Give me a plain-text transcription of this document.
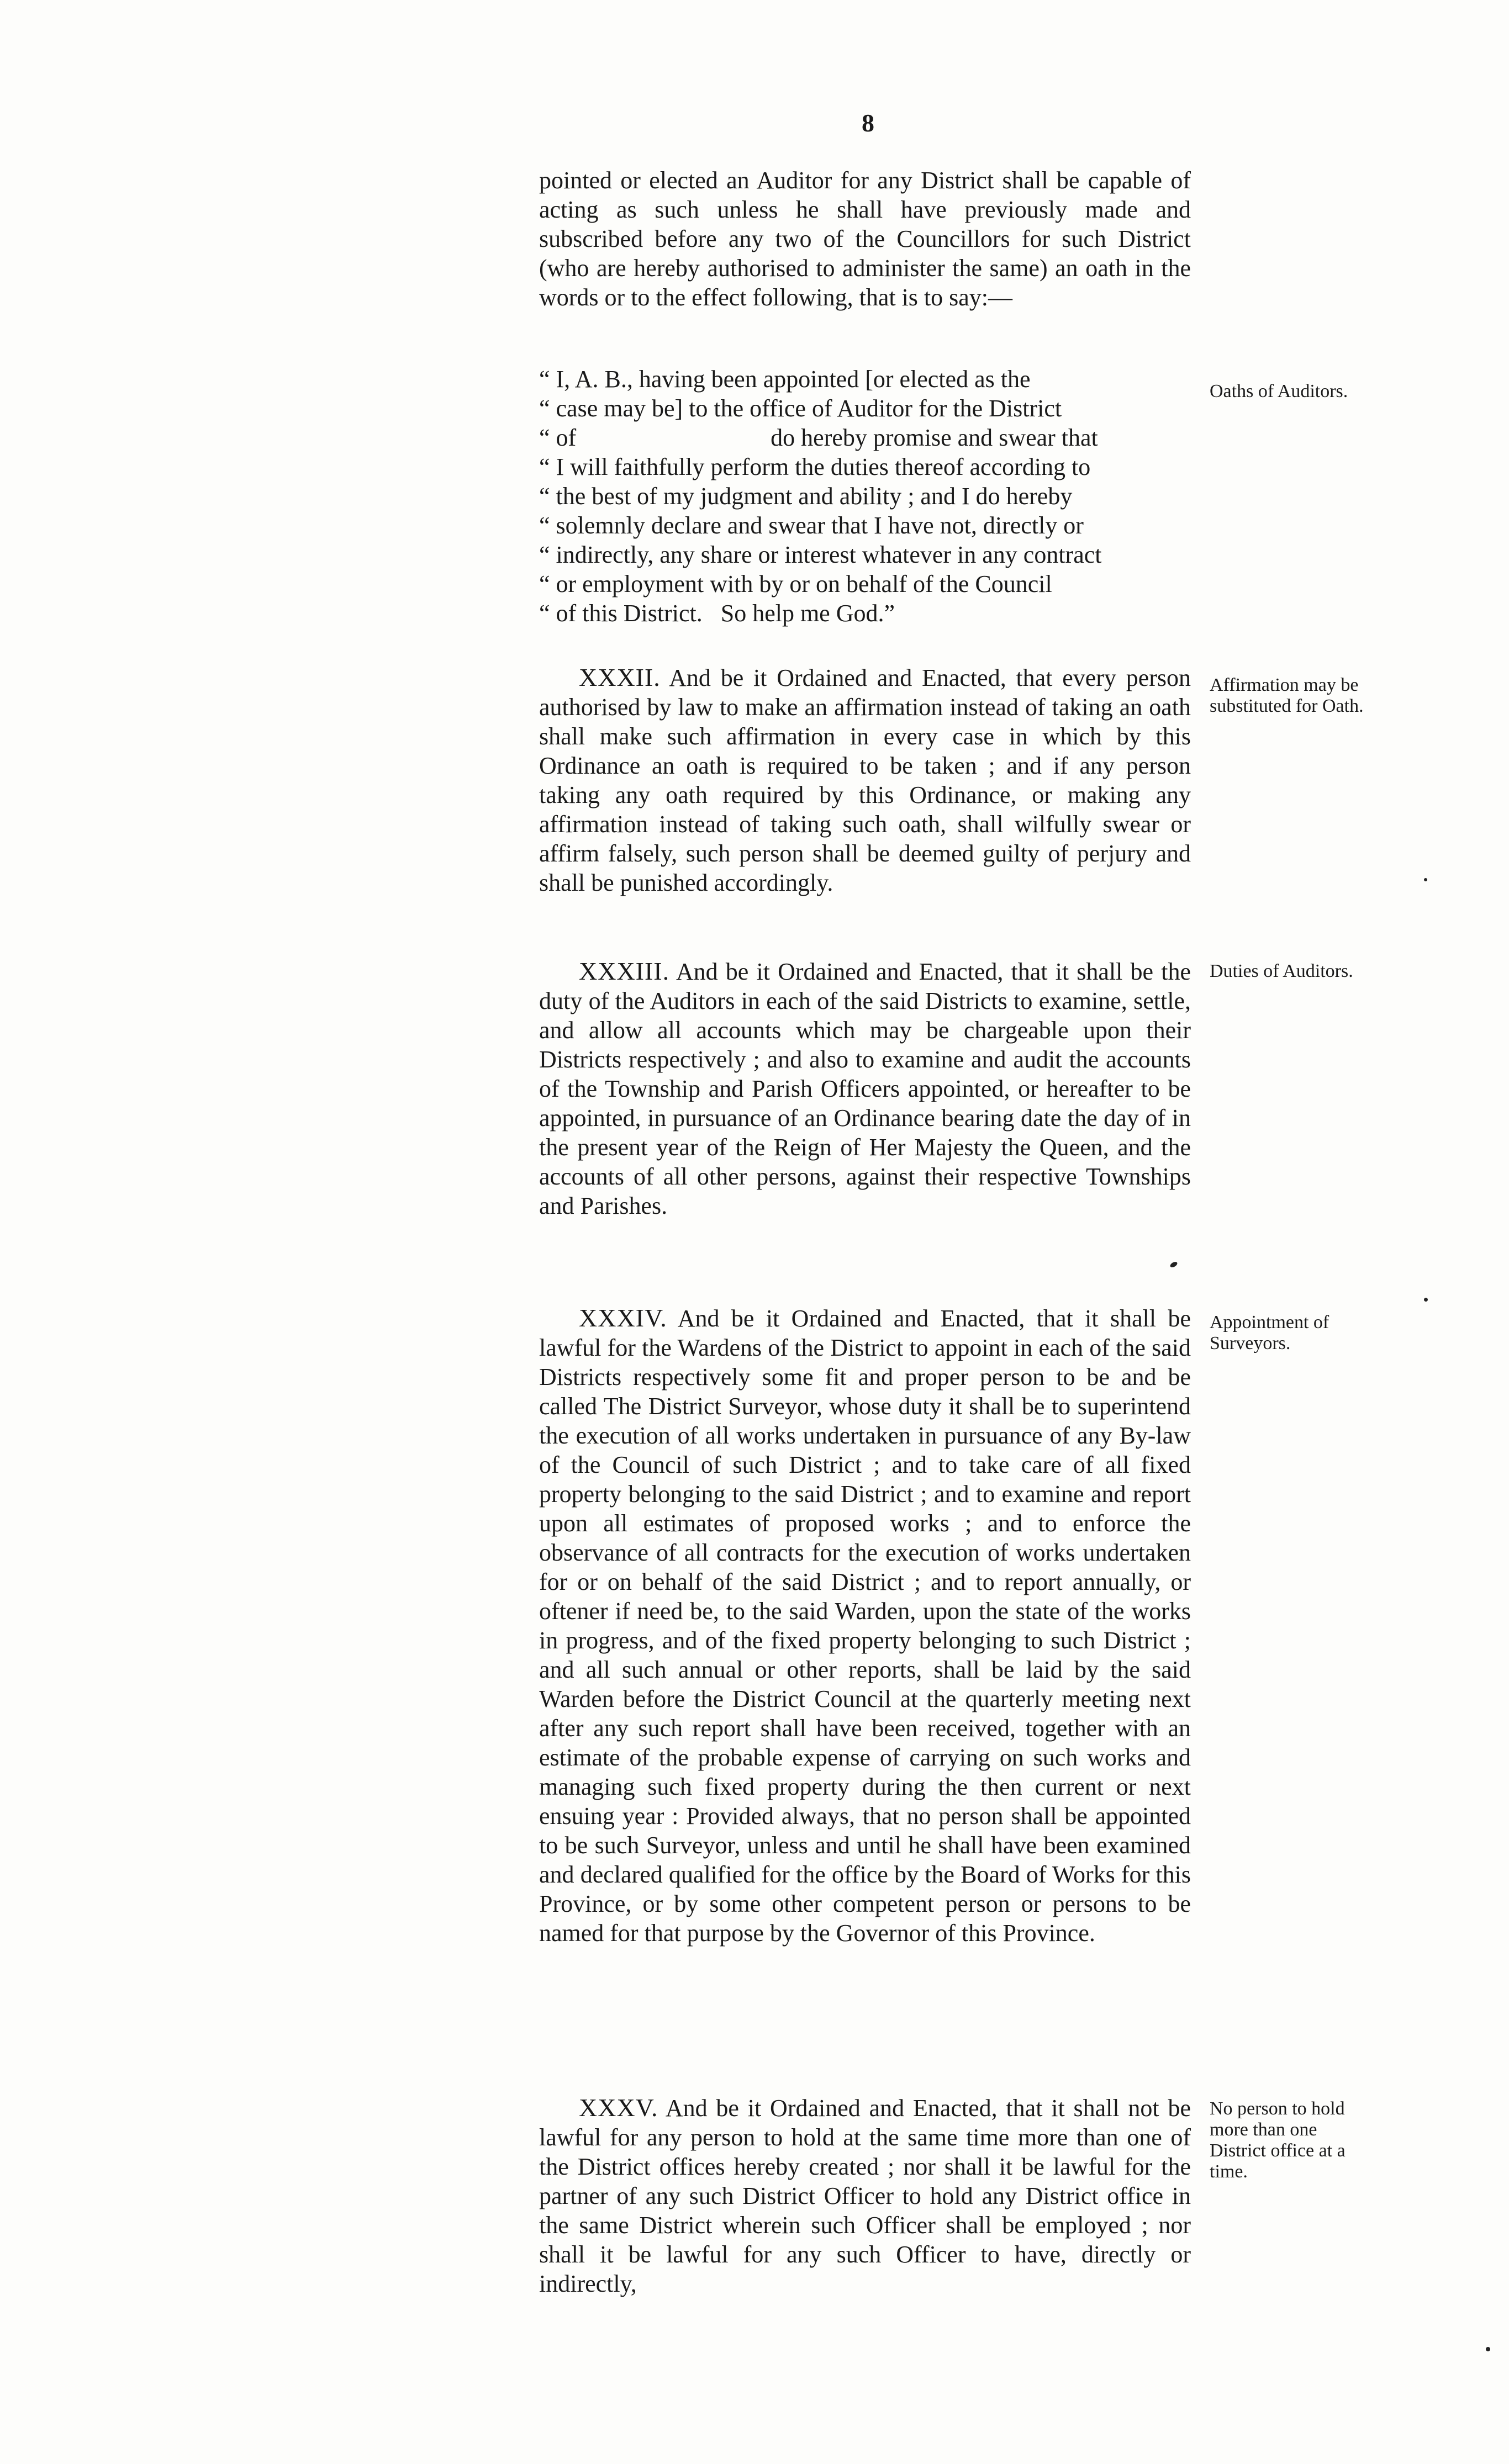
8

pointed or elected an Auditor for any District shall be capable of acting as such unless he shall have previously made and subscribed before any two of the Councillors for such District (who are hereby authorised to administer the same) an oath in the words or to the effect following, that is to say:—

“ I, A. B., having been appointed [or elected as the
“ case may be] to the office of Auditor for the District
“ of                                do hereby promise and swear that
“ I will faithfully perform the duties thereof according to
“ the best of my judgment and ability ; and I do hereby
“ solemnly declare and swear that I have not, directly or
“ indirectly, any share or interest whatever in any contract
“ or employment with by or on behalf of the Council
“ of this District.   So help me God.”
Oaths of Auditors.

XXXII. And be it Ordained and Enacted, that every person authorised by law to make an affirmation instead of taking an oath shall make such affirmation in every case in which by this Ordinance an oath is required to be taken ; and if any person taking any oath required by this Ordinance, or making any affirmation instead of taking such oath, shall wilfully swear or affirm falsely, such person shall be deemed guilty of perjury and shall be punished accordingly.

Affirmation may be substituted for Oath.

XXXIII. And be it Ordained and Enacted, that it shall be the duty of the Auditors in each of the said Districts to examine, settle, and allow all accounts which may be chargeable upon their Districts respectively ; and also to examine and audit the accounts of the Township and Parish Officers appointed, or hereafter to be appointed, in pursuance of an Ordinance bearing date the day of in the present year of the Reign of Her Majesty the Queen, and the accounts of all other persons, against their respective Townships and Parishes.

Duties of Auditors.

XXXIV. And be it Ordained and Enacted, that it shall be lawful for the Wardens of the District to appoint in each of the said Districts respectively some fit and proper person to be and be called The District Surveyor, whose duty it shall be to superintend the execution of all works undertaken in pursuance of any By-law of the Council of such District ; and to take care of all fixed property belonging to the said District ; and to examine and report upon all estimates of proposed works ; and to enforce the observance of all contracts for the execution of works undertaken for or on behalf of the said District ; and to report annually, or oftener if need be, to the said Warden, upon the state of the works in progress, and of the fixed property belonging to such District ; and all such annual or other reports, shall be laid by the said Warden before the District Council at the quarterly meeting next after any such report shall have been received, together with an estimate of the probable expense of carrying on such works and managing such fixed property during the then current or next ensuing year : Provided always, that no person shall be appointed to be such Surveyor, unless and until he shall have been examined and declared qualified for the office by the Board of Works for this Province, or by some other competent person or persons to be named for that purpose by the Governor of this Province.

Appointment of Surveyors.

XXXV. And be it Ordained and Enacted, that it shall not be lawful for any person to hold at the same time more than one of the District offices hereby created ; nor shall it be lawful for the partner of any such District Officer to hold any District office in the same District wherein such Officer shall be employed ; nor shall it be lawful for any such Officer to have, directly or indirectly,

No person to hold more than one District office at a time.
